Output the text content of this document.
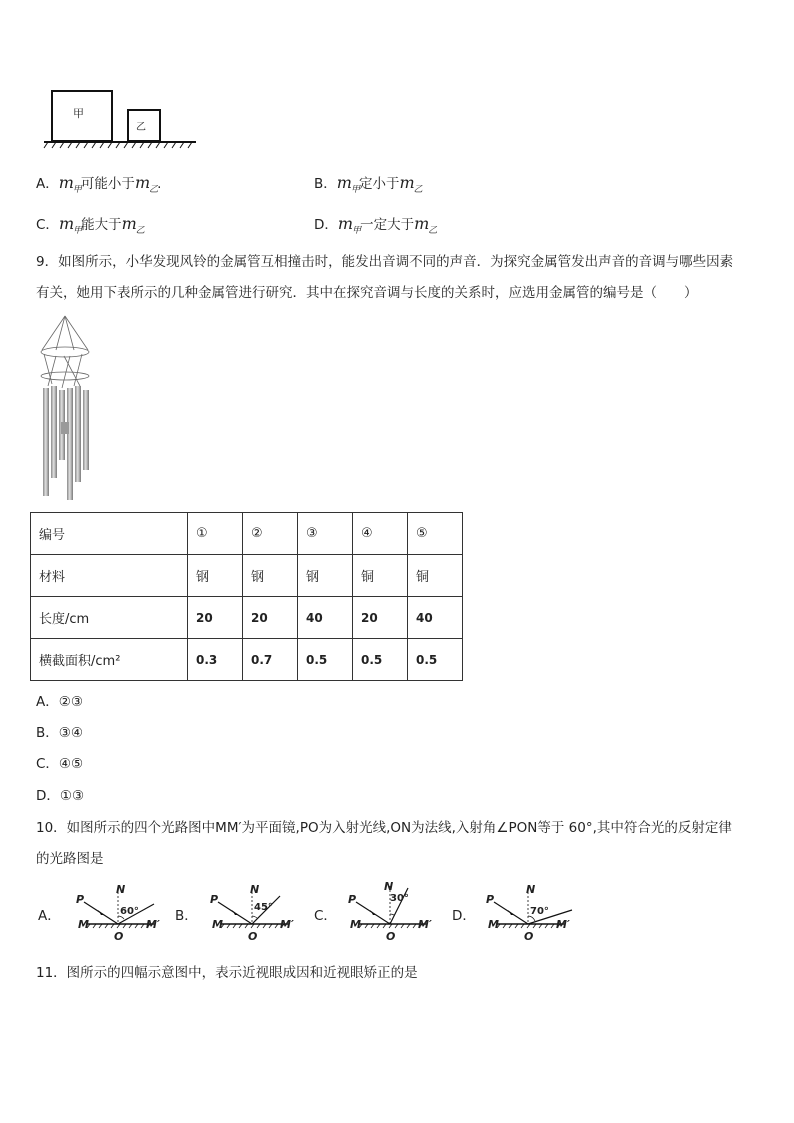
甲
乙
A．$m_甲$可能小于$m_乙$.	B．$m_甲$定小于$m_乙$
C．$m_甲$能大于$m_乙$	D．$m_甲$一定大于$m_乙$
9．如图所示，小华发现风铃的金属管互相撞击时，能发出音调不同的声音．为探究金属管发出声音的音调与哪些因素
有关，她用下表所示的几种金属管进行研究．其中在探究音调与长度的关系时，应选用金属管的编号是（　　）
编号	①	②	③	④	⑤
材料	钢	钢	钢	铜	铜
长度/cm	20	20	40	20	40
横截面积/cm²	0.3	0.7	0.5	0.5	0.5
A．②③
B．③④
C．④⑤
D．①③
10．如图所示的四个光路图中MM′为平面镜,PO为入射光线,ON为法线,入射角∠PON等于 60°,其中符合光的反射定律
的光路图是
A．	B．	C．	D．
P
N
60°
M	M′
O
P
N
45°
M	M′
O
P
N
30°
M	M′
O
P
N
70°
M	M′
O
11．图所示的四幅示意图中，表示近视眼成因和近视眼矫正的是
